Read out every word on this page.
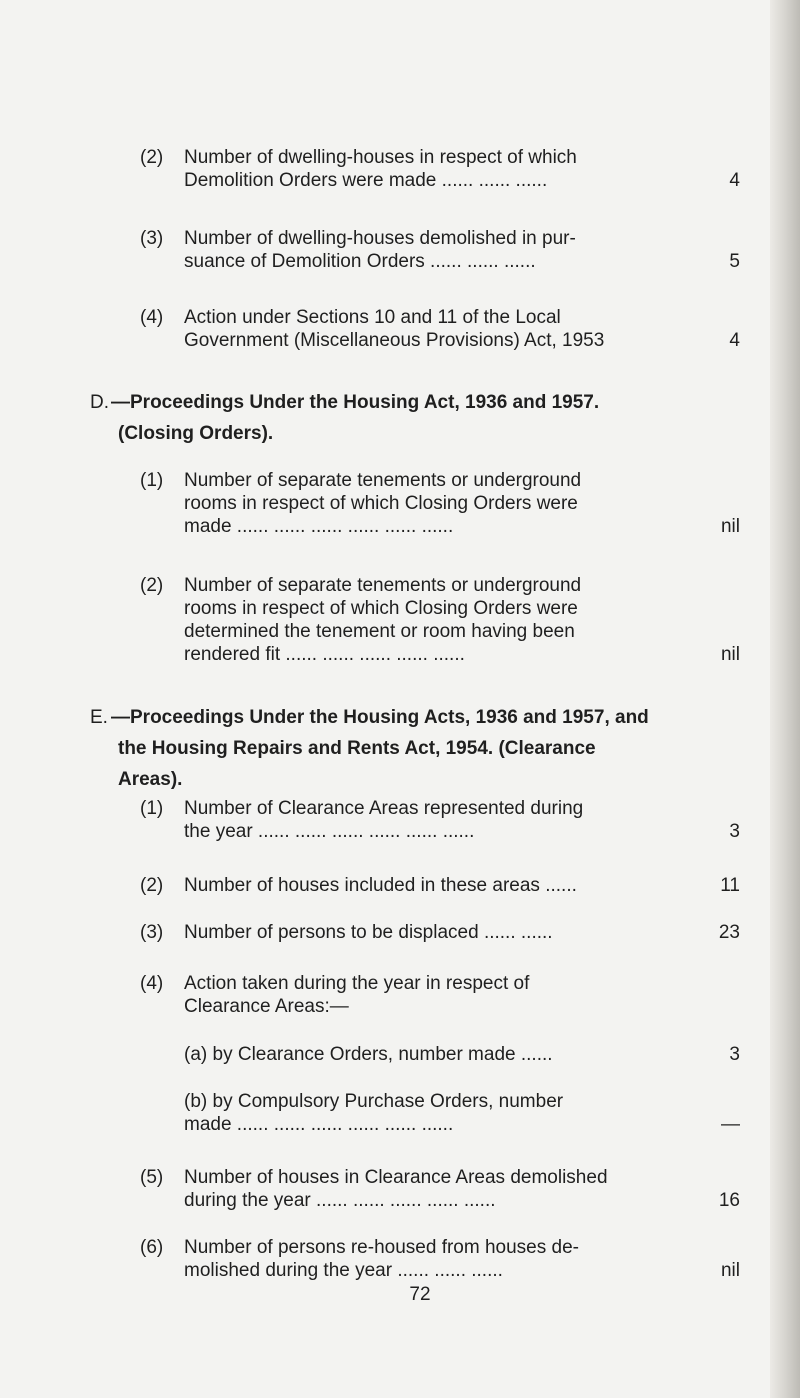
(2)	Number of dwelling-houses in respect of which
Demolition Orders were made ...... ...... ......	4
(3)	Number of dwelling-houses demolished in pur-
suance of Demolition Orders ...... ...... ......	5
(4)	Action under Sections 10 and 11 of the Local
Government (Miscellaneous Provisions) Act, 1953	4
D. —Proceedings Under the Housing Act, 1936 and 1957.
(Closing Orders).
(1)	Number of separate tenements or underground
rooms in respect of which Closing Orders were
made ...... ...... ...... ...... ...... ......	nil
(2)	Number of separate tenements or underground
rooms in respect of which Closing Orders were
determined the tenement or room having been
rendered fit ...... ...... ...... ...... ......	nil
E. —Proceedings Under the Housing Acts, 1936 and 1957, and
the Housing Repairs and Rents Act, 1954. (Clearance
Areas).
(1)	Number of Clearance Areas represented during
the year ...... ...... ...... ...... ...... ......	3
(2)	Number of houses included in these areas ......	11
(3)	Number of persons to be displaced ...... ......	23
(4)	Action taken during the year in respect of
Clearance Areas:—
(a) by Clearance Orders, number made ......	3
(b) by Compulsory Purchase Orders, number
made ...... ...... ...... ...... ...... ......	—
(5)	Number of houses in Clearance Areas demolished
during the year ...... ...... ...... ...... ......	16
(6)	Number of persons re-housed from houses de-
molished during the year ...... ...... ......	nil
72
